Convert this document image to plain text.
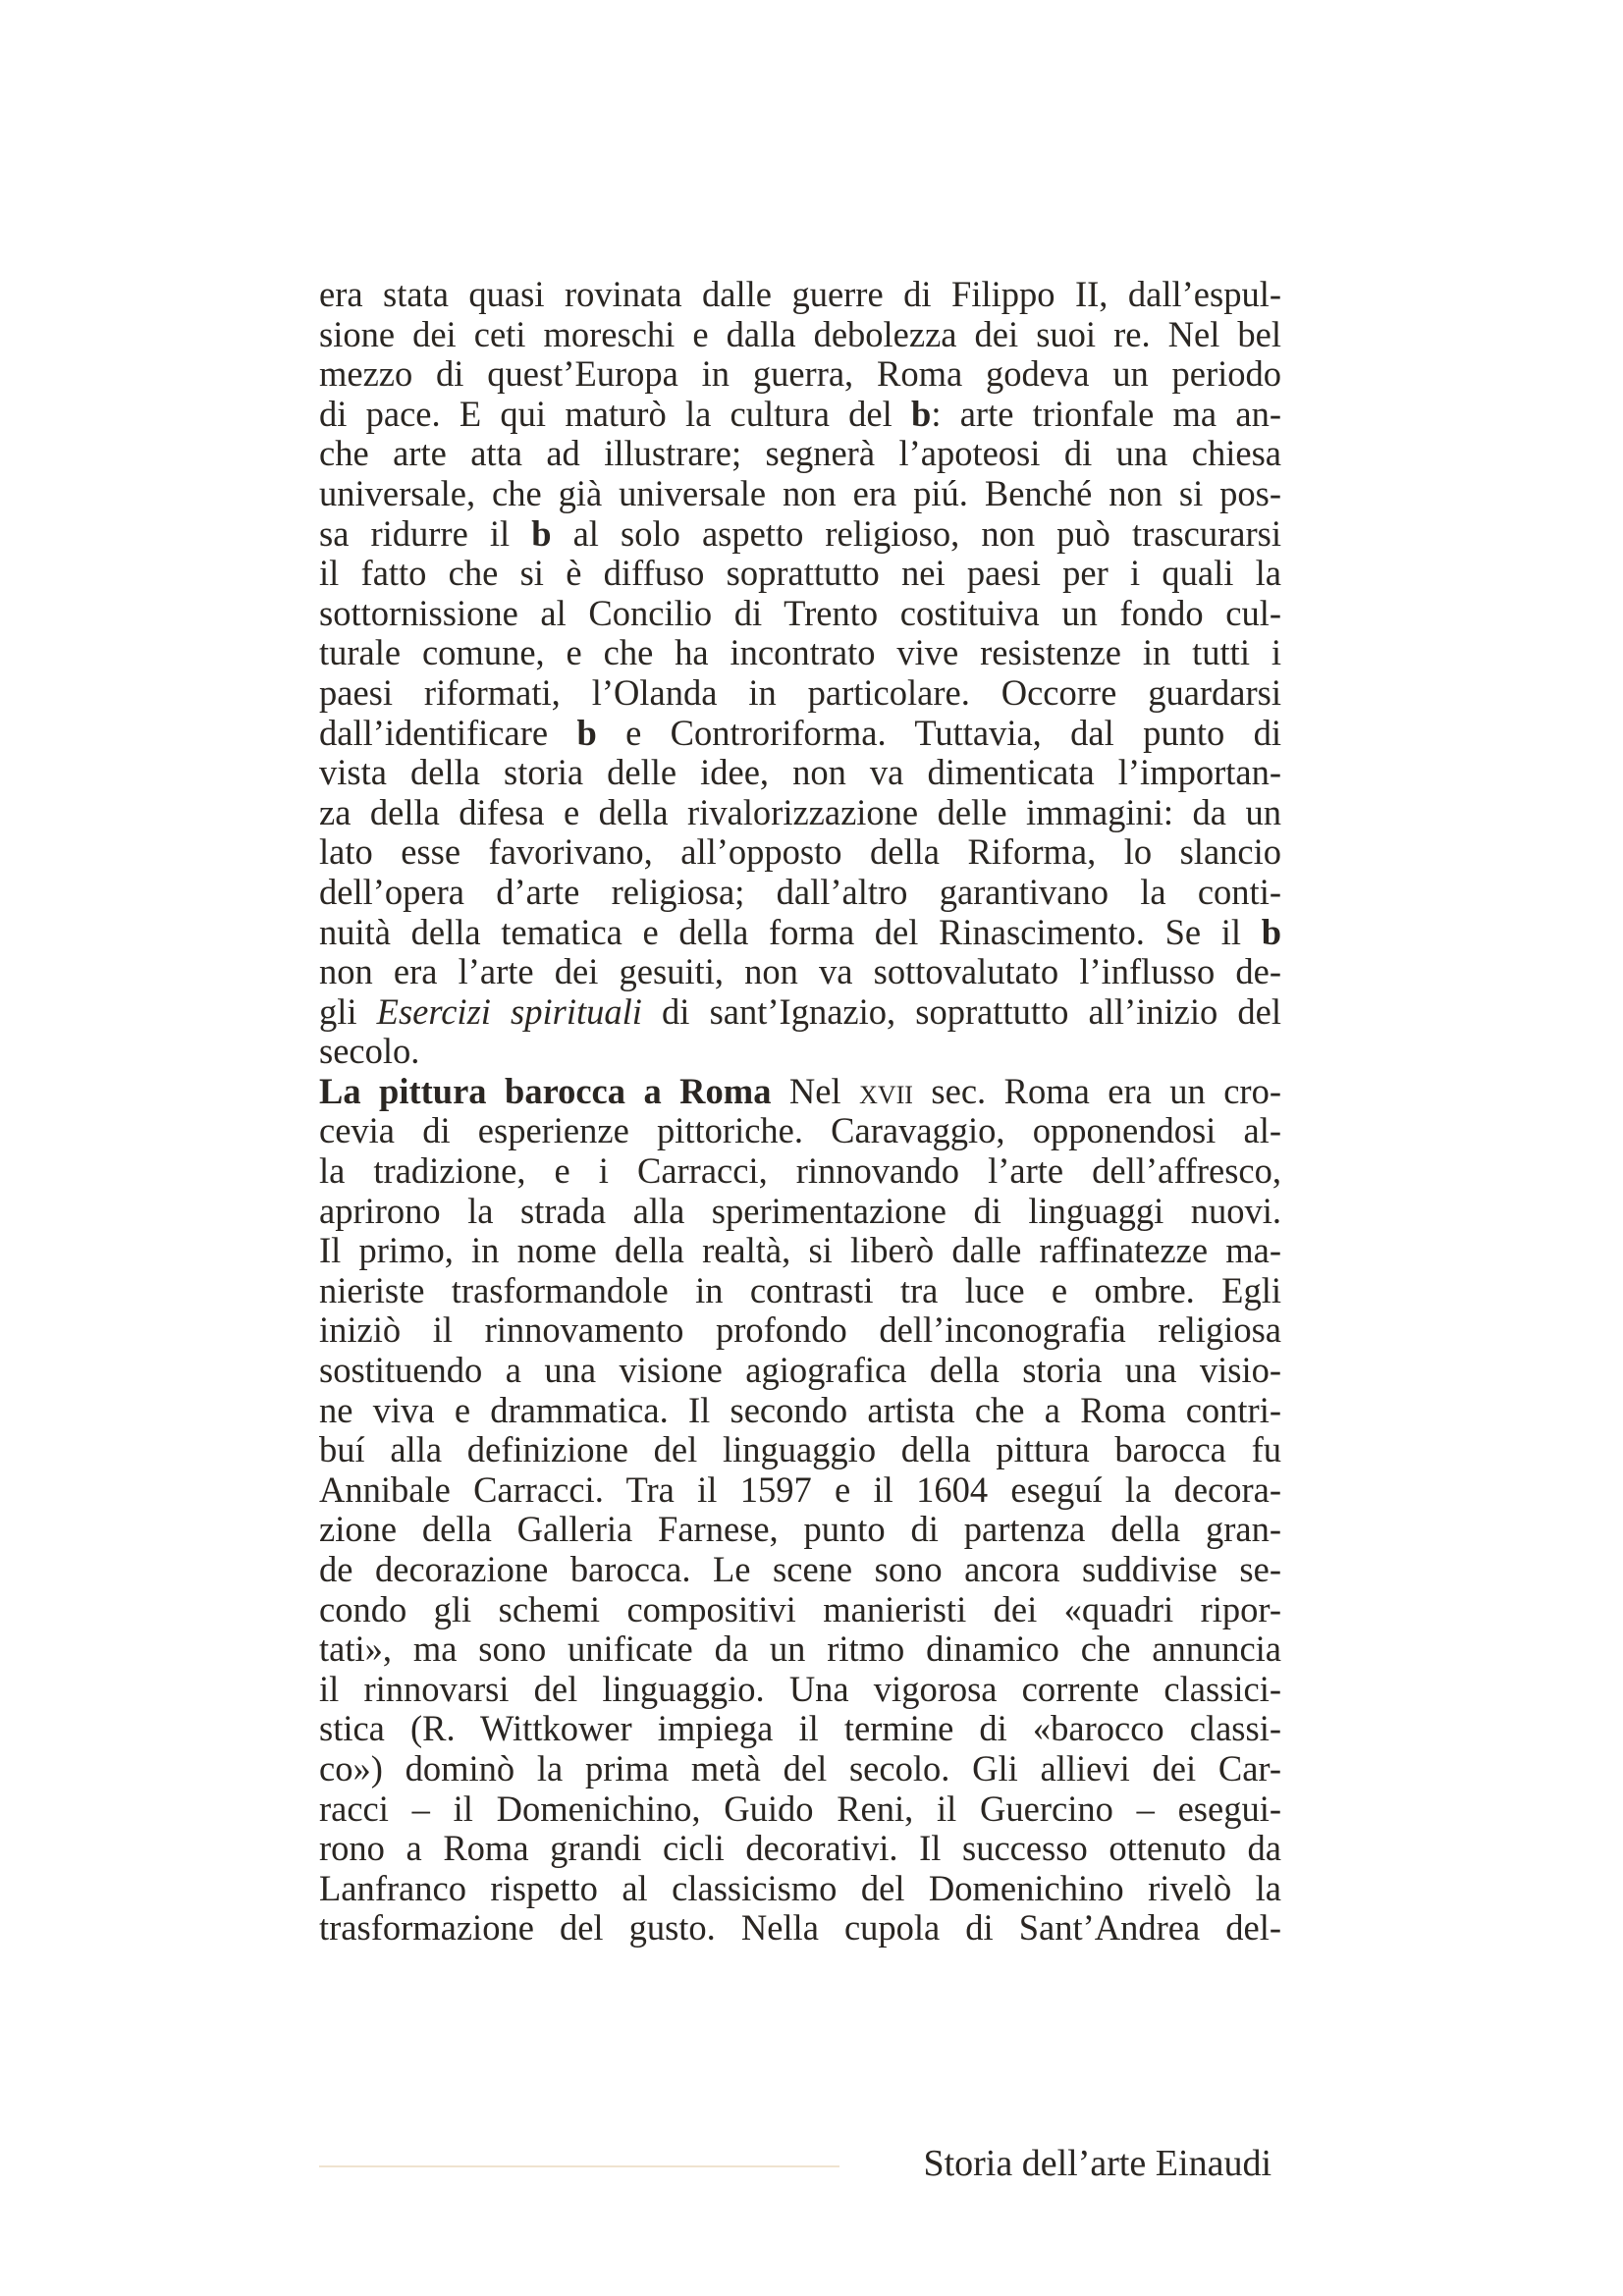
era stata quasi rovinata dalle guerre di Filippo II, dall’espul-
sione dei ceti moreschi e dalla debolezza dei suoi re. Nel bel
mezzo di quest’Europa in guerra, Roma godeva un periodo
di pace. E qui maturò la cultura del b: arte trionfale ma an-
che arte atta ad illustrare; segnerà l’apoteosi di una chiesa
universale, che già universale non era piú. Benché non si pos-
sa ridurre il b al solo aspetto religioso, non può trascurarsi
il fatto che si è diffuso soprattutto nei paesi per i quali la
sottornissione al Concilio di Trento costituiva un fondo cul-
turale comune, e che ha incontrato vive resistenze in tutti i
paesi riformati, l’Olanda in particolare. Occorre guardarsi
dall’identificare b e Controriforma. Tuttavia, dal punto di
vista della storia delle idee, non va dimenticata l’importan-
za della difesa e della rivalorizzazione delle immagini: da un
lato esse favorivano, all’opposto della Riforma, lo slancio
dell’opera d’arte religiosa; dall’altro garantivano la conti-
nuità della tematica e della forma del Rinascimento. Se il b
non era l’arte dei gesuiti, non va sottovalutato l’influsso de-
gli Esercizi spirituali di sant’Ignazio, soprattutto all’inizio del
secolo.
La pittura barocca a Roma Nel xvii sec. Roma era un cro-
cevia di esperienze pittoriche. Caravaggio, opponendosi al-
la tradizione, e i Carracci, rinnovando l’arte dell’affresco,
aprirono la strada alla sperimentazione di linguaggi nuovi.
Il primo, in nome della realtà, si liberò dalle raffinatezze ma-
nieriste trasformandole in contrasti tra luce e ombre. Egli
iniziò il rinnovamento profondo dell’inconografia religiosa
sostituendo a una visione agiografica della storia una visio-
ne viva e drammatica. Il secondo artista che a Roma contri-
buí alla definizione del linguaggio della pittura barocca fu
Annibale Carracci. Tra il 1597 e il 1604 eseguí la decora-
zione della Galleria Farnese, punto di partenza della gran-
de decorazione barocca. Le scene sono ancora suddivise se-
condo gli schemi compositivi manieristi dei «quadri ripor-
tati», ma sono unificate da un ritmo dinamico che annuncia
il rinnovarsi del linguaggio. Una vigorosa corrente classici-
stica (R. Wittkower impiega il termine di «barocco classi-
co») dominò la prima metà del secolo. Gli allievi dei Car-
racci – il Domenichino, Guido Reni, il Guercino – esegui-
rono a Roma grandi cicli decorativi. Il successo ottenuto da
Lanfranco rispetto al classicismo del Domenichino rivelò la
trasformazione del gusto. Nella cupola di Sant’Andrea del-
Storia dell’arte Einaudi
